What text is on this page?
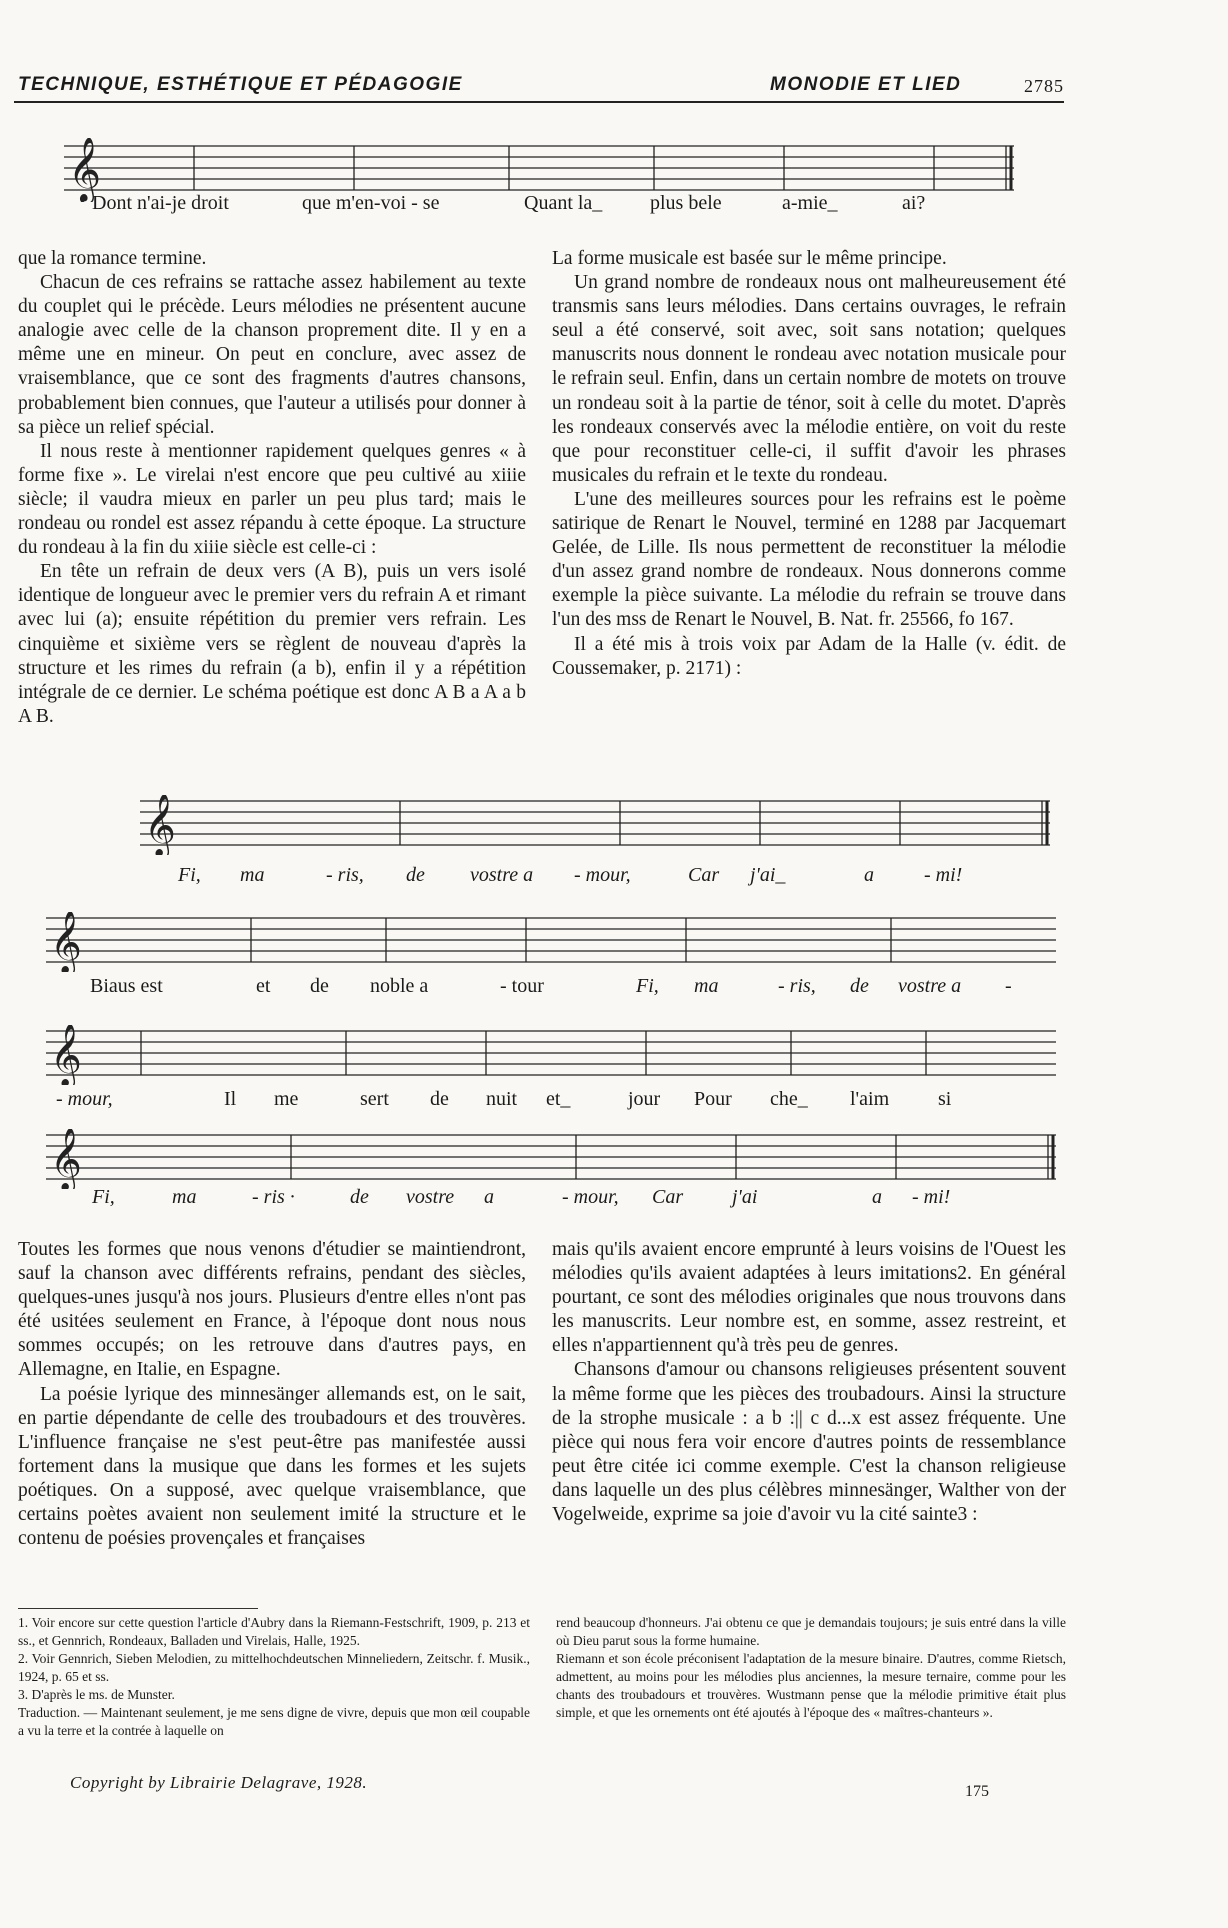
TECHNIQUE, ESTHÉTIQUE ET PÉDAGOGIE	MONODIE ET LIED	2785
𝄞
Dont n'ai-je droit	que m'en-voi - se	Quant la_ plus bele	a-mie_	ai?

que la romance termine.

Chacun de ces refrains se rattache assez habilement au texte du couplet qui le précède. Leurs mélodies ne présentent aucune analogie avec celle de la chanson proprement dite. Il y en a même une en mineur. On peut en conclure, avec assez de vraisemblance, que ce sont des fragments d'autres chansons, probablement bien connues, que l'auteur a utilisés pour donner à sa pièce un relief spécial.

Il nous reste à mentionner rapidement quelques genres « à forme fixe ». Le virelai n'est encore que peu cultivé au xiiie siècle; il vaudra mieux en parler un peu plus tard; mais le rondeau ou rondel est assez répandu à cette époque. La structure du rondeau à la fin du xiiie siècle est celle-ci :

En tête un refrain de deux vers (A B), puis un vers isolé identique de longueur avec le premier vers du refrain A et rimant avec lui (a); ensuite répétition du premier vers refrain. Les cinquième et sixième vers se règlent de nouveau d'après la structure et les rimes du refrain (a b), enfin il y a répétition intégrale de ce dernier. Le schéma poétique est donc A B a A a b A B.

La forme musicale est basée sur le même principe.

Un grand nombre de rondeaux nous ont malheureusement été transmis sans leurs mélodies. Dans certains ouvrages, le refrain seul a été conservé, soit avec, soit sans notation; quelques manuscrits nous donnent le rondeau avec notation musicale pour le refrain seul. Enfin, dans un certain nombre de motets on trouve un rondeau soit à la partie de ténor, soit à celle du motet. D'après les rondeaux conservés avec la mélodie entière, on voit du reste que pour reconstituer celle-ci, il suffit d'avoir les phrases musicales du refrain et le texte du rondeau.

L'une des meilleures sources pour les refrains est le poème satirique de Renart le Nouvel, terminé en 1288 par Jacquemart Gelée, de Lille. Ils nous permettent de reconstituer la mélodie d'un assez grand nombre de rondeaux. Nous donnerons comme exemple la pièce suivante. La mélodie du refrain se trouve dans l'un des mss de Renart le Nouvel, B. Nat. fr. 25566, fo 167.

Il a été mis à trois voix par Adam de la Halle (v. édit. de Coussemaker, p. 2171) :

𝄞
Fi, ma	- ris, de vostre a - mour,	Car j'ai_	a	- mi!
𝄞
Biaus est	et de noble a	- tour	Fi, ma	- ris, de vostre a -
𝄞
- mour,	Il me	sert de nuit et_	jour Pour che_ l'aim si
𝄞
Fi,	ma	- ris ·	de vostre a	- mour, Car j'ai	a - mi!

Toutes les formes que nous venons d'étudier se maintiendront, sauf la chanson avec différents refrains, pendant des siècles, quelques-unes jusqu'à nos jours. Plusieurs d'entre elles n'ont pas été usitées seulement en France, à l'époque dont nous nous sommes occupés; on les retrouve dans d'autres pays, en Allemagne, en Italie, en Espagne.

La poésie lyrique des minnesänger allemands est, on le sait, en partie dépendante de celle des troubadours et des trouvères. L'influence française ne s'est peut-être pas manifestée aussi fortement dans la musique que dans les formes et les sujets poétiques. On a supposé, avec quelque vraisemblance, que certains poètes avaient non seulement imité la structure et le contenu de poésies provençales et françaises

mais qu'ils avaient encore emprunté à leurs voisins de l'Ouest les mélodies qu'ils avaient adaptées à leurs imitations2. En général pourtant, ce sont des mélodies originales que nous trouvons dans les manuscrits. Leur nombre est, en somme, assez restreint, et elles n'appartiennent qu'à très peu de genres.

Chansons d'amour ou chansons religieuses présentent souvent la même forme que les pièces des troubadours. Ainsi la structure de la strophe musicale : a b :|| c d...x est assez fréquente. Une pièce qui nous fera voir encore d'autres points de ressemblance peut être citée ici comme exemple. C'est la chanson religieuse dans laquelle un des plus célèbres minnesänger, Walther von der Vogelweide, exprime sa joie d'avoir vu la cité sainte3 :

1. Voir encore sur cette question l'article d'Aubry dans la Riemann-Festschrift, 1909, p. 213 et ss., et Gennrich, Rondeaux, Balladen und Virelais, Halle, 1925.

2. Voir Gennrich, Sieben Melodien, zu mittelhochdeutschen Minneliedern, Zeitschr. f. Musik., 1924, p. 65 et ss.

3. D'après le ms. de Munster.

Traduction. — Maintenant seulement, je me sens digne de vivre, depuis que mon œil coupable a vu la terre et la contrée à laquelle on

rend beaucoup d'honneurs. J'ai obtenu ce que je demandais toujours; je suis entré dans la ville où Dieu parut sous la forme humaine.

Riemann et son école préconisent l'adaptation de la mesure binaire. D'autres, comme Rietsch, admettent, au moins pour les mélodies plus anciennes, la mesure ternaire, comme pour les chants des troubadours et trouvères. Wustmann pense que la mélodie primitive était plus simple, et que les ornements ont été ajoutés à l'époque des « maîtres-chanteurs ».

Copyright by Librairie Delagrave, 1928.	175
